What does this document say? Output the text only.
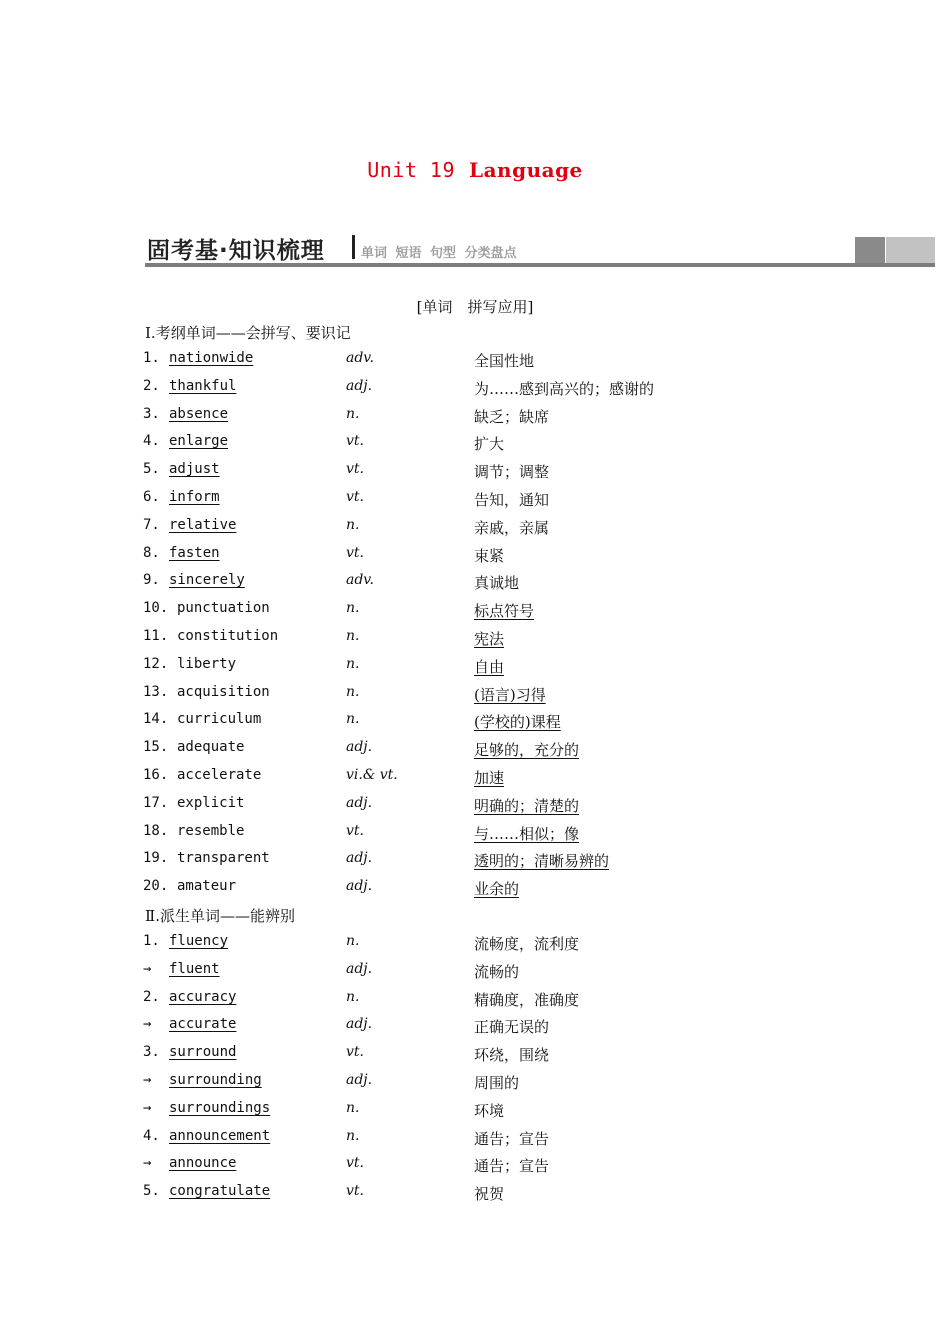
Unit 19 Language
固考基·知识梳理	单词 短语 句型 分类盘点
[单词　拼写应用]
Ⅰ.考纲单词——会拼写、要识记
1. nationwide	adv.	全国性地
2. thankful	adj.	为……感到高兴的；感谢的
3. absence	n.	缺乏；缺席
4. enlarge	vt.	扩大
5. adjust	vt.	调节；调整
6. inform	vt.	告知，通知
7. relative	n.	亲戚，亲属
8. fasten	vt.	束紧
9. sincerely	adv.	真诚地
10. punctuation	n.	标点符号
11. constitution	n.	宪法
12. liberty	n.	自由
13. acquisition	n.	(语言)习得
14. curriculum	n.	(学校的)课程
15. adequate	adj.	足够的，充分的
16. accelerate	vi.& vt.	加速
17. explicit	adj.	明确的；清楚的
18. resemble	vt.	与……相似；像
19. transparent	adj.	透明的；清晰易辨的
20. amateur	adj.	业余的
Ⅱ.派生单词——能辨别
1. fluency	n.	流畅度，流利度
→ fluent	adj.	流畅的
2. accuracy	n.	精确度，准确度
→ accurate	adj.	正确无误的
3. surround	vt.	环绕，围绕
→ surrounding	adj.	周围的
→ surroundings	n.	环境
4. announcement	n.	通告；宣告
→ announce	vt.	通告；宣告
5. congratulate	vt.	祝贺
